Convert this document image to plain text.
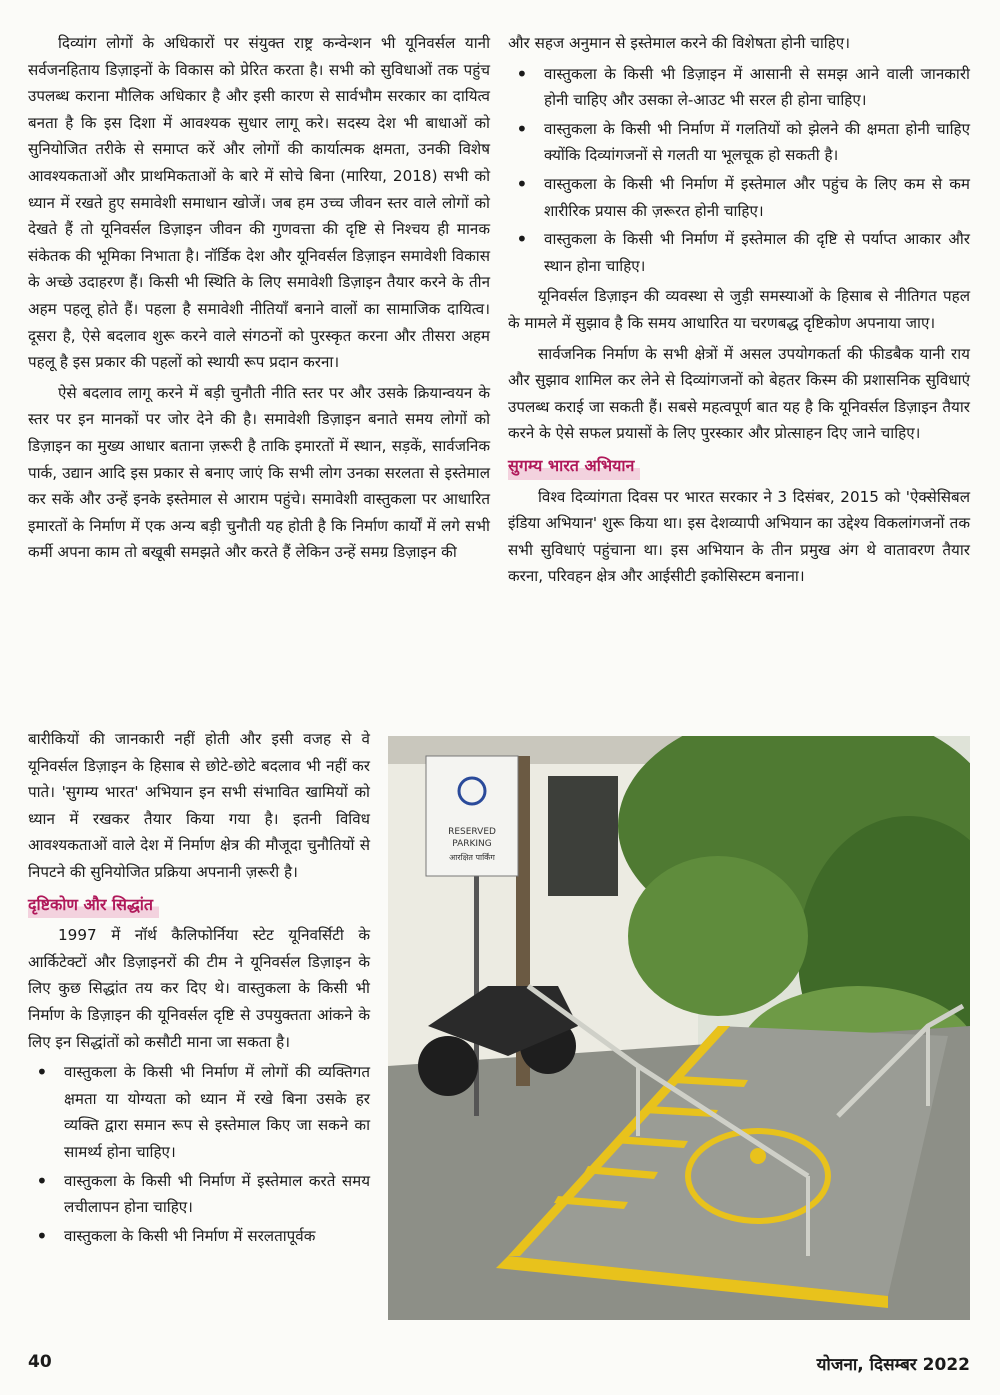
दिव्यांग लोगों के अधिकारों पर संयुक्त राष्ट्र कन्वेन्शन भी यूनिवर्सल यानी सर्वजनहिताय डिज़ाइनों के विकास को प्रेरित करता है। सभी को सुविधाओं तक पहुंच उपलब्ध कराना मौलिक अधिकार है और इसी कारण से सार्वभौम सरकार का दायित्व बनता है कि इस दिशा में आवश्यक सुधार लागू करे। सदस्य देश भी बाधाओं को सुनियोजित तरीके से समाप्त करें और लोगों की कार्यात्मक क्षमता, उनकी विशेष आवश्यकताओं और प्राथमिकताओं के बारे में सोचे बिना (मारिया, 2018) सभी को ध्यान में रखते हुए समावेशी समाधान खोजें। जब हम उच्च जीवन स्तर वाले लोगों को देखते हैं तो यूनिवर्सल डिज़ाइन जीवन की गुणवत्ता की दृष्टि से निश्चय ही मानक संकेतक की भूमिका निभाता है। नॉर्डिक देश और यूनिवर्सल डिज़ाइन समावेशी विकास के अच्छे उदाहरण हैं। किसी भी स्थिति के लिए समावेशी डिज़ाइन तैयार करने के तीन अहम पहलू होते हैं। पहला है समावेशी नीतियाँ बनाने वालों का सामाजिक दायित्व। दूसरा है, ऐसे बदलाव शुरू करने वाले संगठनों को पुरस्कृत करना और तीसरा अहम पहलू है इस प्रकार की पहलों को स्थायी रूप प्रदान करना।

ऐसे बदलाव लागू करने में बड़ी चुनौती नीति स्तर पर और उसके क्रियान्वयन के स्तर पर इन मानकों पर जोर देने की है। समावेशी डिज़ाइन बनाते समय लोगों को डिज़ाइन का मुख्य आधार बताना ज़रूरी है ताकि इमारतों में स्थान, सड़कें, सार्वजनिक पार्क, उद्यान आदि इस प्रकार से बनाए जाएं कि सभी लोग उनका सरलता से इस्तेमाल कर सकें और उन्हें इनके इस्तेमाल से आराम पहुंचे। समावेशी वास्तुकला पर आधारित इमारतों के निर्माण में एक अन्य बड़ी चुनौती यह होती है कि निर्माण कार्यों में लगे सभी कर्मी अपना काम तो बखूबी समझते और करते हैं लेकिन उन्हें समग्र डिज़ाइन की

बारीकियों की जानकारी नहीं होती और इसी वजह से वे यूनिवर्सल डिज़ाइन के हिसाब से छोटे-छोटे बदलाव भी नहीं कर पाते। 'सुगम्य भारत' अभियान इन सभी संभावित खामियों को ध्यान में रखकर तैयार किया गया है। इतनी विविध आवश्यकताओं वाले देश में निर्माण क्षेत्र की मौजूदा चुनौतियों से निपटने की सुनियोजित प्रक्रिया अपनानी ज़रूरी है।

दृष्टिकोण और सिद्धांत

1997 में नॉर्थ कैलिफोर्निया स्टेट यूनिवर्सिटी के आर्किटेक्टों और डिज़ाइनरों की टीम ने यूनिवर्सल डिज़ाइन के लिए कुछ सिद्धांत तय कर दिए थे। वास्तुकला के किसी भी निर्माण के डिज़ाइन की यूनिवर्सल दृष्टि से उपयुक्तता आंकने के लिए इन सिद्धांतों को कसौटी माना जा सकता है।

• वास्तुकला के किसी भी निर्माण में लोगों की व्यक्तिगत क्षमता या योग्यता को ध्यान में रखे बिना उसके हर व्यक्ति द्वारा समान रूप से इस्तेमाल किए जा सकने का सामर्थ्य होना चाहिए।
• वास्तुकला के किसी भी निर्माण में इस्तेमाल करते समय लचीलापन होना चाहिए।
• वास्तुकला के किसी भी निर्माण में सरलतापूर्वक

और सहज अनुमान से इस्तेमाल करने की विशेषता होनी चाहिए।

• वास्तुकला के किसी भी डिज़ाइन में आसानी से समझ आने वाली जानकारी होनी चाहिए और उसका ले-आउट भी सरल ही होना चाहिए।
• वास्तुकला के किसी भी निर्माण में गलतियों को झेलने की क्षमता होनी चाहिए क्योंकि दिव्यांगजनों से गलती या भूलचूक हो सकती है।
• वास्तुकला के किसी भी निर्माण में इस्तेमाल और पहुंच के लिए कम से कम शारीरिक प्रयास की ज़रूरत होनी चाहिए।
• वास्तुकला के किसी भी निर्माण में इस्तेमाल की दृष्टि से पर्याप्त आकार और स्थान होना चाहिए।

यूनिवर्सल डिज़ाइन की व्यवस्था से जुड़ी समस्याओं के हिसाब से नीतिगत पहल के मामले में सुझाव है कि समय आधारित या चरणबद्ध दृष्टिकोण अपनाया जाए।

सार्वजनिक निर्माण के सभी क्षेत्रों में असल उपयोगकर्ता की फीडबैक यानी राय और सुझाव शामिल कर लेने से दिव्यांगजनों को बेहतर किस्म की प्रशासनिक सुविधाएं उपलब्ध कराई जा सकती हैं। सबसे महत्वपूर्ण बात यह है कि यूनिवर्सल डिज़ाइन तैयार करने के ऐसे सफल प्रयासों के लिए पुरस्कार और प्रोत्साहन दिए जाने चाहिए।

सुगम्य भारत अभियान

विश्व दिव्यांगता दिवस पर भारत सरकार ने 3 दिसंबर, 2015 को 'ऐक्सेसिबल इंडिया अभियान' शुरू किया था। इस देशव्यापी अभियान का उद्देश्य विकलांगजनों तक सभी सुविधाएं पहुंचाना था। इस अभियान के तीन प्रमुख अंग थे वातावरण तैयार करना, परिवहन क्षेत्र और आईसीटी इकोसिस्टम बनाना।

RESERVED
PARKING
आरक्षित पार्किंग
40	योजना, दिसम्बर 2022
